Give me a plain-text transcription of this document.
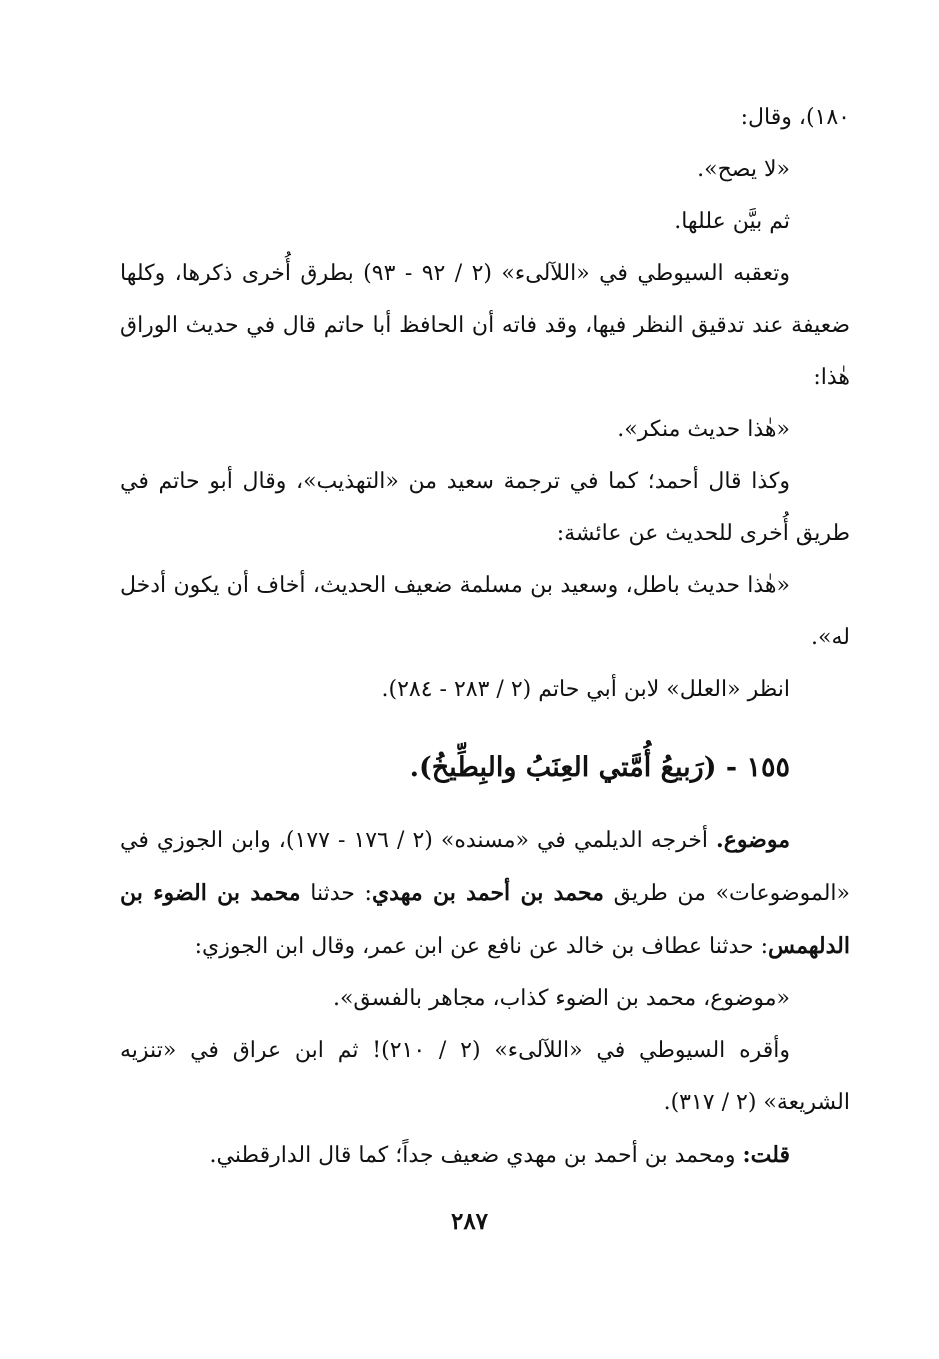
١٨٠)، وقال:

«لا يصح».

ثم بيَّن عللها.

وتعقبه السيوطي في «اللآلىء» (٢ / ٩٢ - ٩٣) بطرق أُخرى ذكرها، وكلها ضعيفة عند تدقيق النظر فيها، وقد فاته أن الحافظ أبا حاتم قال في حديث الوراق هٰذا:

«هٰذا حديث منكر».

وكذا قال أحمد؛ كما في ترجمة سعيد من «التهذيب»، وقال أبو حاتم في طريق أُخرى للحديث عن عائشة:

«هٰذا حديث باطل، وسعيد بن مسلمة ضعيف الحديث، أخاف أن يكون أدخل له».

انظر «العلل» لابن أبي حاتم (٢ / ٢٨٣ - ٢٨٤).

١٥٥ - (رَبيعُ أُمَّتي العِنَبُ والبِطِّيخُ).

موضوع. أخرجه الديلمي في «مسنده» (٢ / ١٧٦ - ١٧٧)، وابن الجوزي في «الموضوعات» من طريق محمد بن أحمد بن مهدي: حدثنا محمد بن الضوء بن الدلهمس: حدثنا عطاف بن خالد عن نافع عن ابن عمر، وقال ابن الجوزي:

«موضوع، محمد بن الضوء كذاب، مجاهر بالفسق».

وأقره السيوطي في «اللآلىء» (٢ / ٢١٠)! ثم ابن عراق في «تنزيه الشريعة» (٢ / ٣١٧).

قلت: ومحمد بن أحمد بن مهدي ضعيف جداً؛ كما قال الدارقطني.

٢٨٧
